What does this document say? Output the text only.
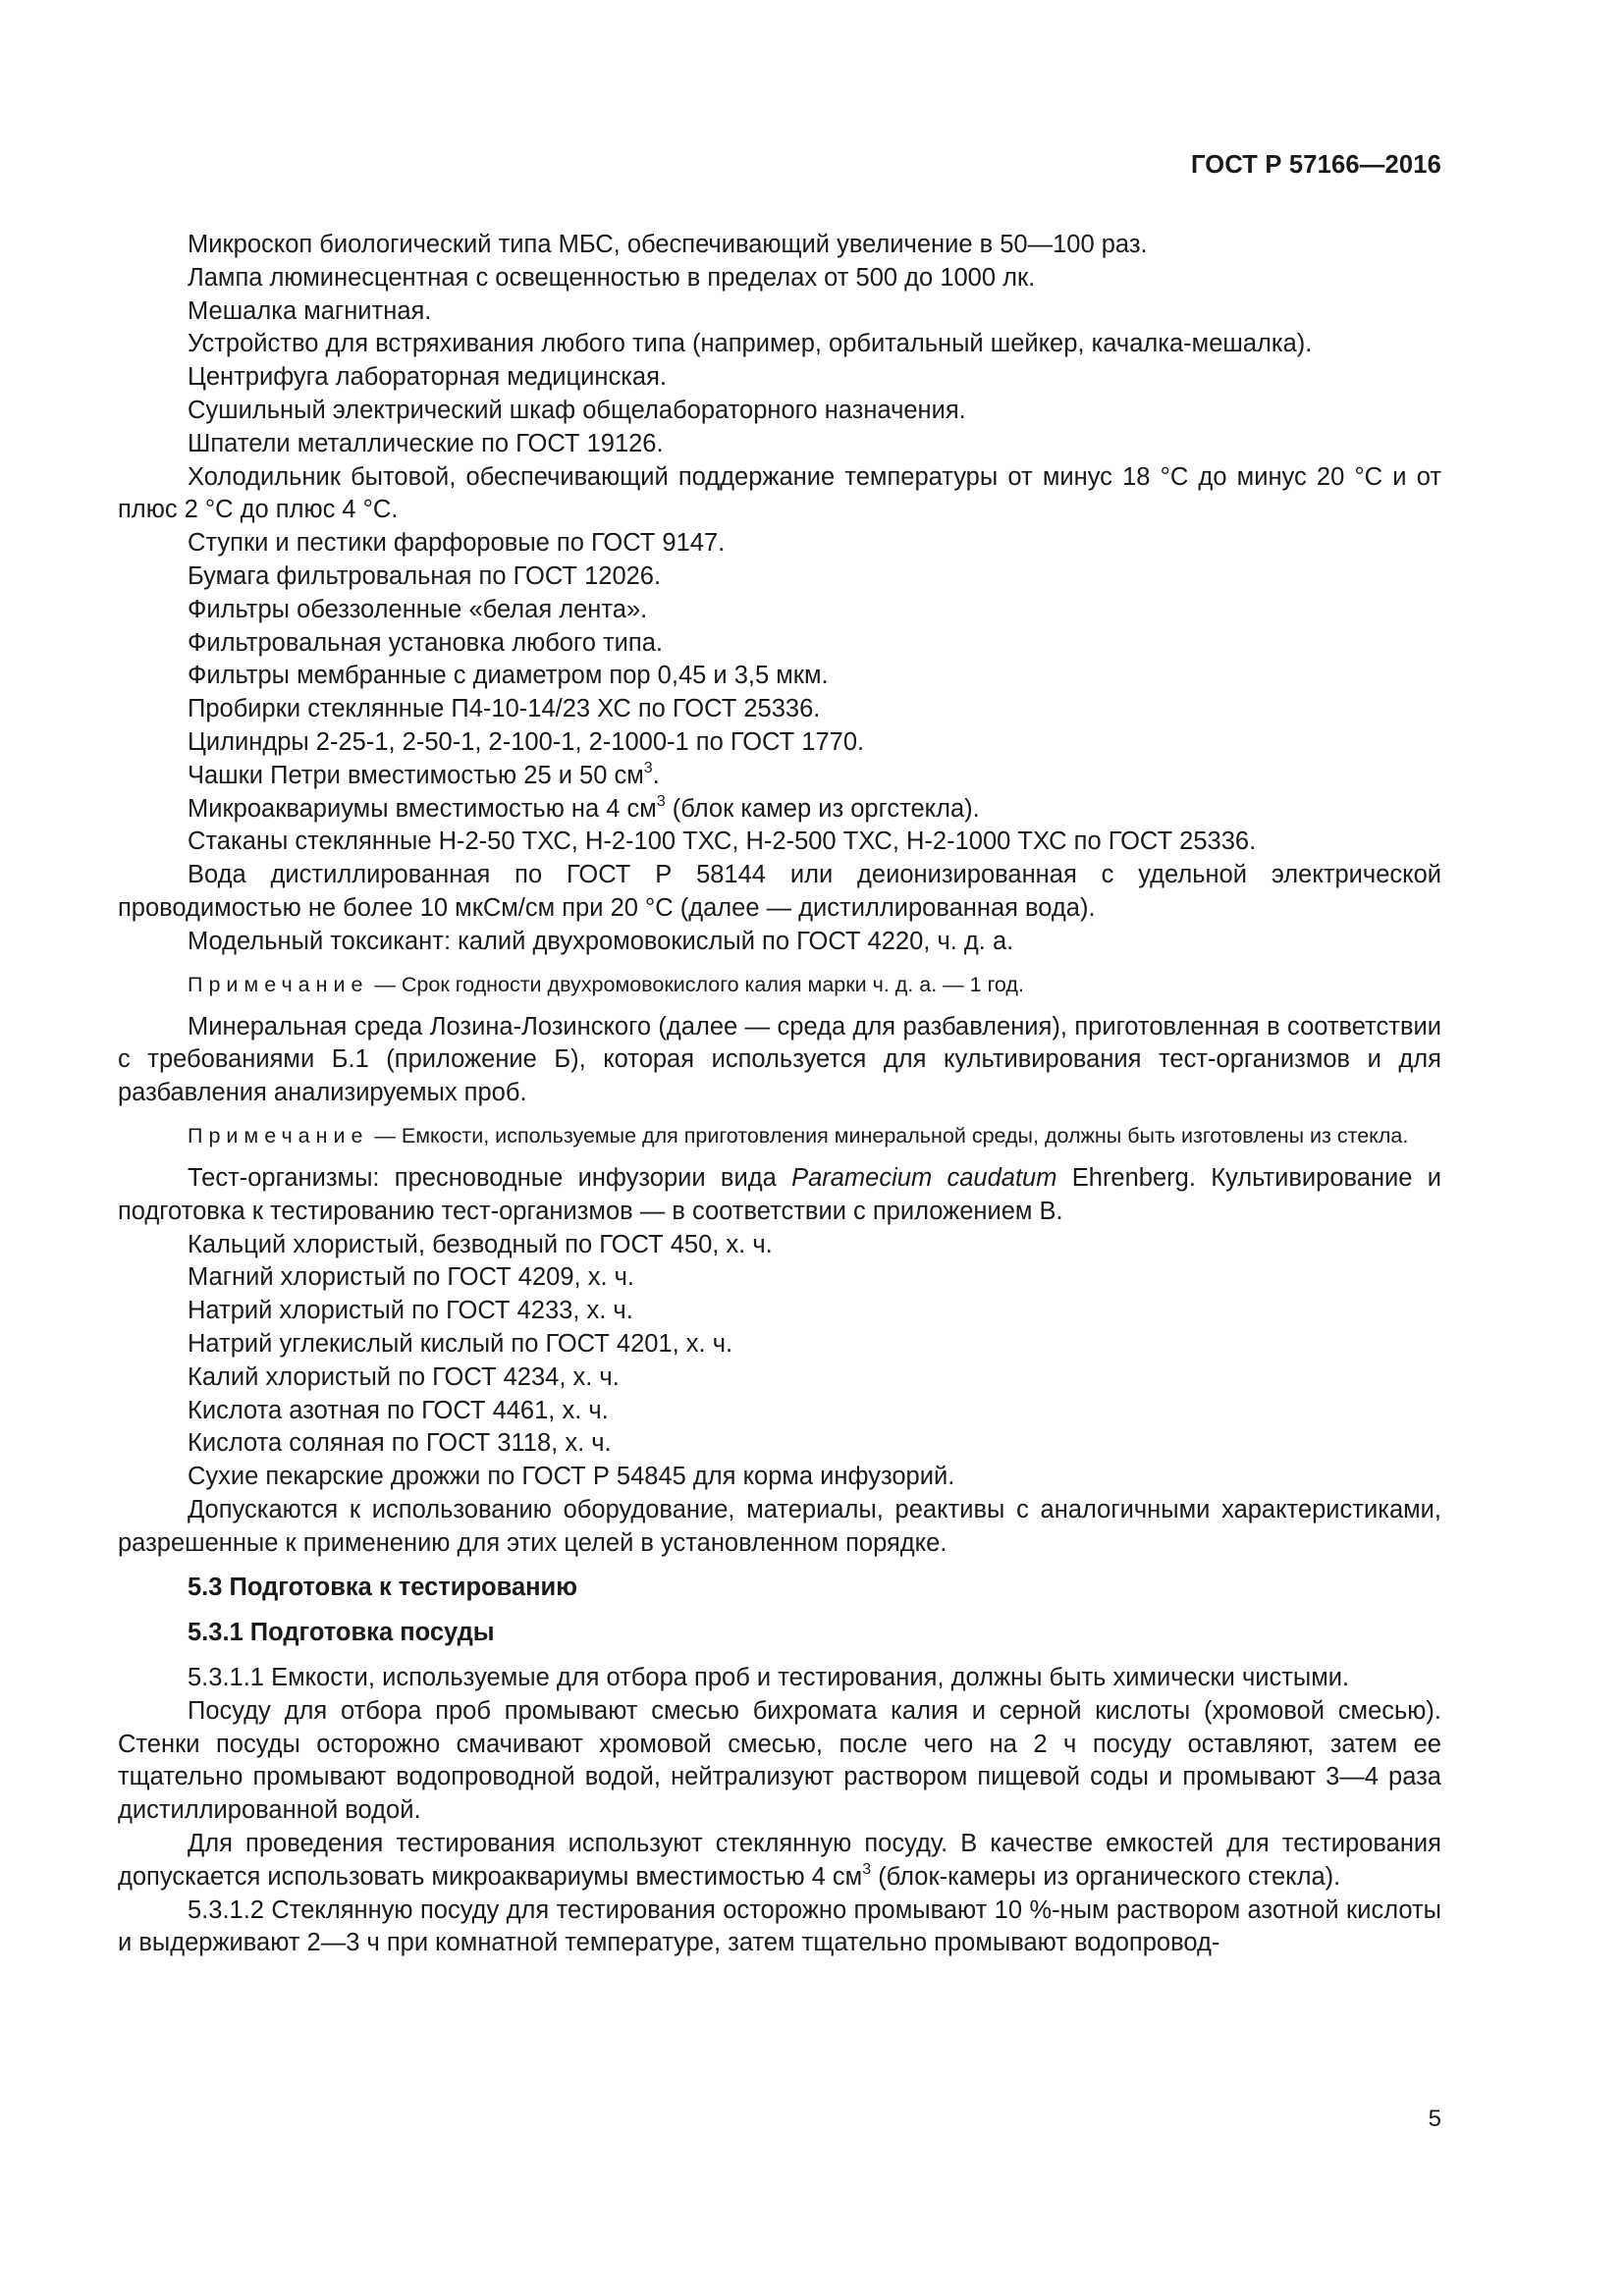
ГОСТ Р 57166—2016
Микроскоп биологический типа МБС, обеспечивающий увеличение в 50—100 раз.
Лампа люминесцентная с освещенностью в пределах от 500 до 1000 лк.
Мешалка магнитная.
Устройство для встряхивания любого типа (например, орбитальный шейкер, качалка-мешалка).
Центрифуга лабораторная медицинская.
Сушильный электрический шкаф общелабораторного назначения.
Шпатели металлические по ГОСТ 19126.
Холодильник бытовой, обеспечивающий поддержание температуры от минус 18 °С до минус 20 °С и от плюс 2 °С до плюс 4 °С.
Ступки и пестики фарфоровые по ГОСТ 9147.
Бумага фильтровальная по ГОСТ 12026.
Фильтры обеззоленные «белая лента».
Фильтровальная установка любого типа.
Фильтры мембранные с диаметром пор 0,45 и 3,5 мкм.
Пробирки стеклянные П4-10-14/23 ХС по ГОСТ 25336.
Цилиндры 2-25-1, 2-50-1, 2-100-1, 2-1000-1 по ГОСТ 1770.
Чашки Петри вместимостью 25 и 50 $см^3$.
Микроаквариумы вместимостью на 4 $см^3$ (блок камер из оргстекла).
Стаканы стеклянные Н-2-50 ТХС, Н-2-100 ТХС, Н-2-500 ТХС, Н-2-1000 ТХС по ГОСТ 25336.
Вода дистиллированная по ГОСТ Р 58144 или деионизированная с удельной электрической проводимостью не более 10 мкСм/см при 20 °С (далее — дистиллированная вода).
Модельный токсикант: калий двухромовокислый по ГОСТ 4220, ч. д. а.
Примечание — Срок годности двухромовокислого калия марки ч. д. а. — 1 год.
Минеральная среда Лозина-Лозинского (далее — среда для разбавления), приготовленная в соответствии с требованиями Б.1 (приложение Б), которая используется для культивирования тест-организмов и для разбавления анализируемых проб.
Примечание — Емкости, используемые для приготовления минеральной среды, должны быть изготовлены из стекла.
Тест-организмы: пресноводные инфузории вида Paramecium caudatum Ehrenberg. Культивирование и подготовка к тестированию тест-организмов — в соответствии с приложением В.
Кальций хлористый, безводный по ГОСТ 450, х. ч.
Магний хлористый по ГОСТ 4209, х. ч.
Натрий хлористый по ГОСТ 4233, х. ч.
Натрий углекислый кислый по ГОСТ 4201, х. ч.
Калий хлористый по ГОСТ 4234, х. ч.
Кислота азотная по ГОСТ 4461, х. ч.
Кислота соляная по ГОСТ 3118, х. ч.
Сухие пекарские дрожжи по ГОСТ Р 54845 для корма инфузорий.
Допускаются к использованию оборудование, материалы, реактивы с аналогичными характеристиками, разрешенные к применению для этих целей в установленном порядке.
5.3 Подготовка к тестированию
5.3.1 Подготовка посуды
5.3.1.1 Емкости, используемые для отбора проб и тестирования, должны быть химически чистыми.
Посуду для отбора проб промывают смесью бихромата калия и серной кислоты (хромовой смесью). Стенки посуды осторожно смачивают хромовой смесью, после чего на 2 ч посуду оставляют, затем ее тщательно промывают водопроводной водой, нейтрализуют раствором пищевой соды и промывают 3—4 раза дистиллированной водой.
Для проведения тестирования используют стеклянную посуду. В качестве емкостей для тестирования допускается использовать микроаквариумы вместимостью 4 $см^3$ (блок-камеры из органического стекла).
5.3.1.2 Стеклянную посуду для тестирования осторожно промывают 10 %-ным раствором азотной кислоты и выдерживают 2—3 ч при комнатной температуре, затем тщательно промывают водопровод-
5
